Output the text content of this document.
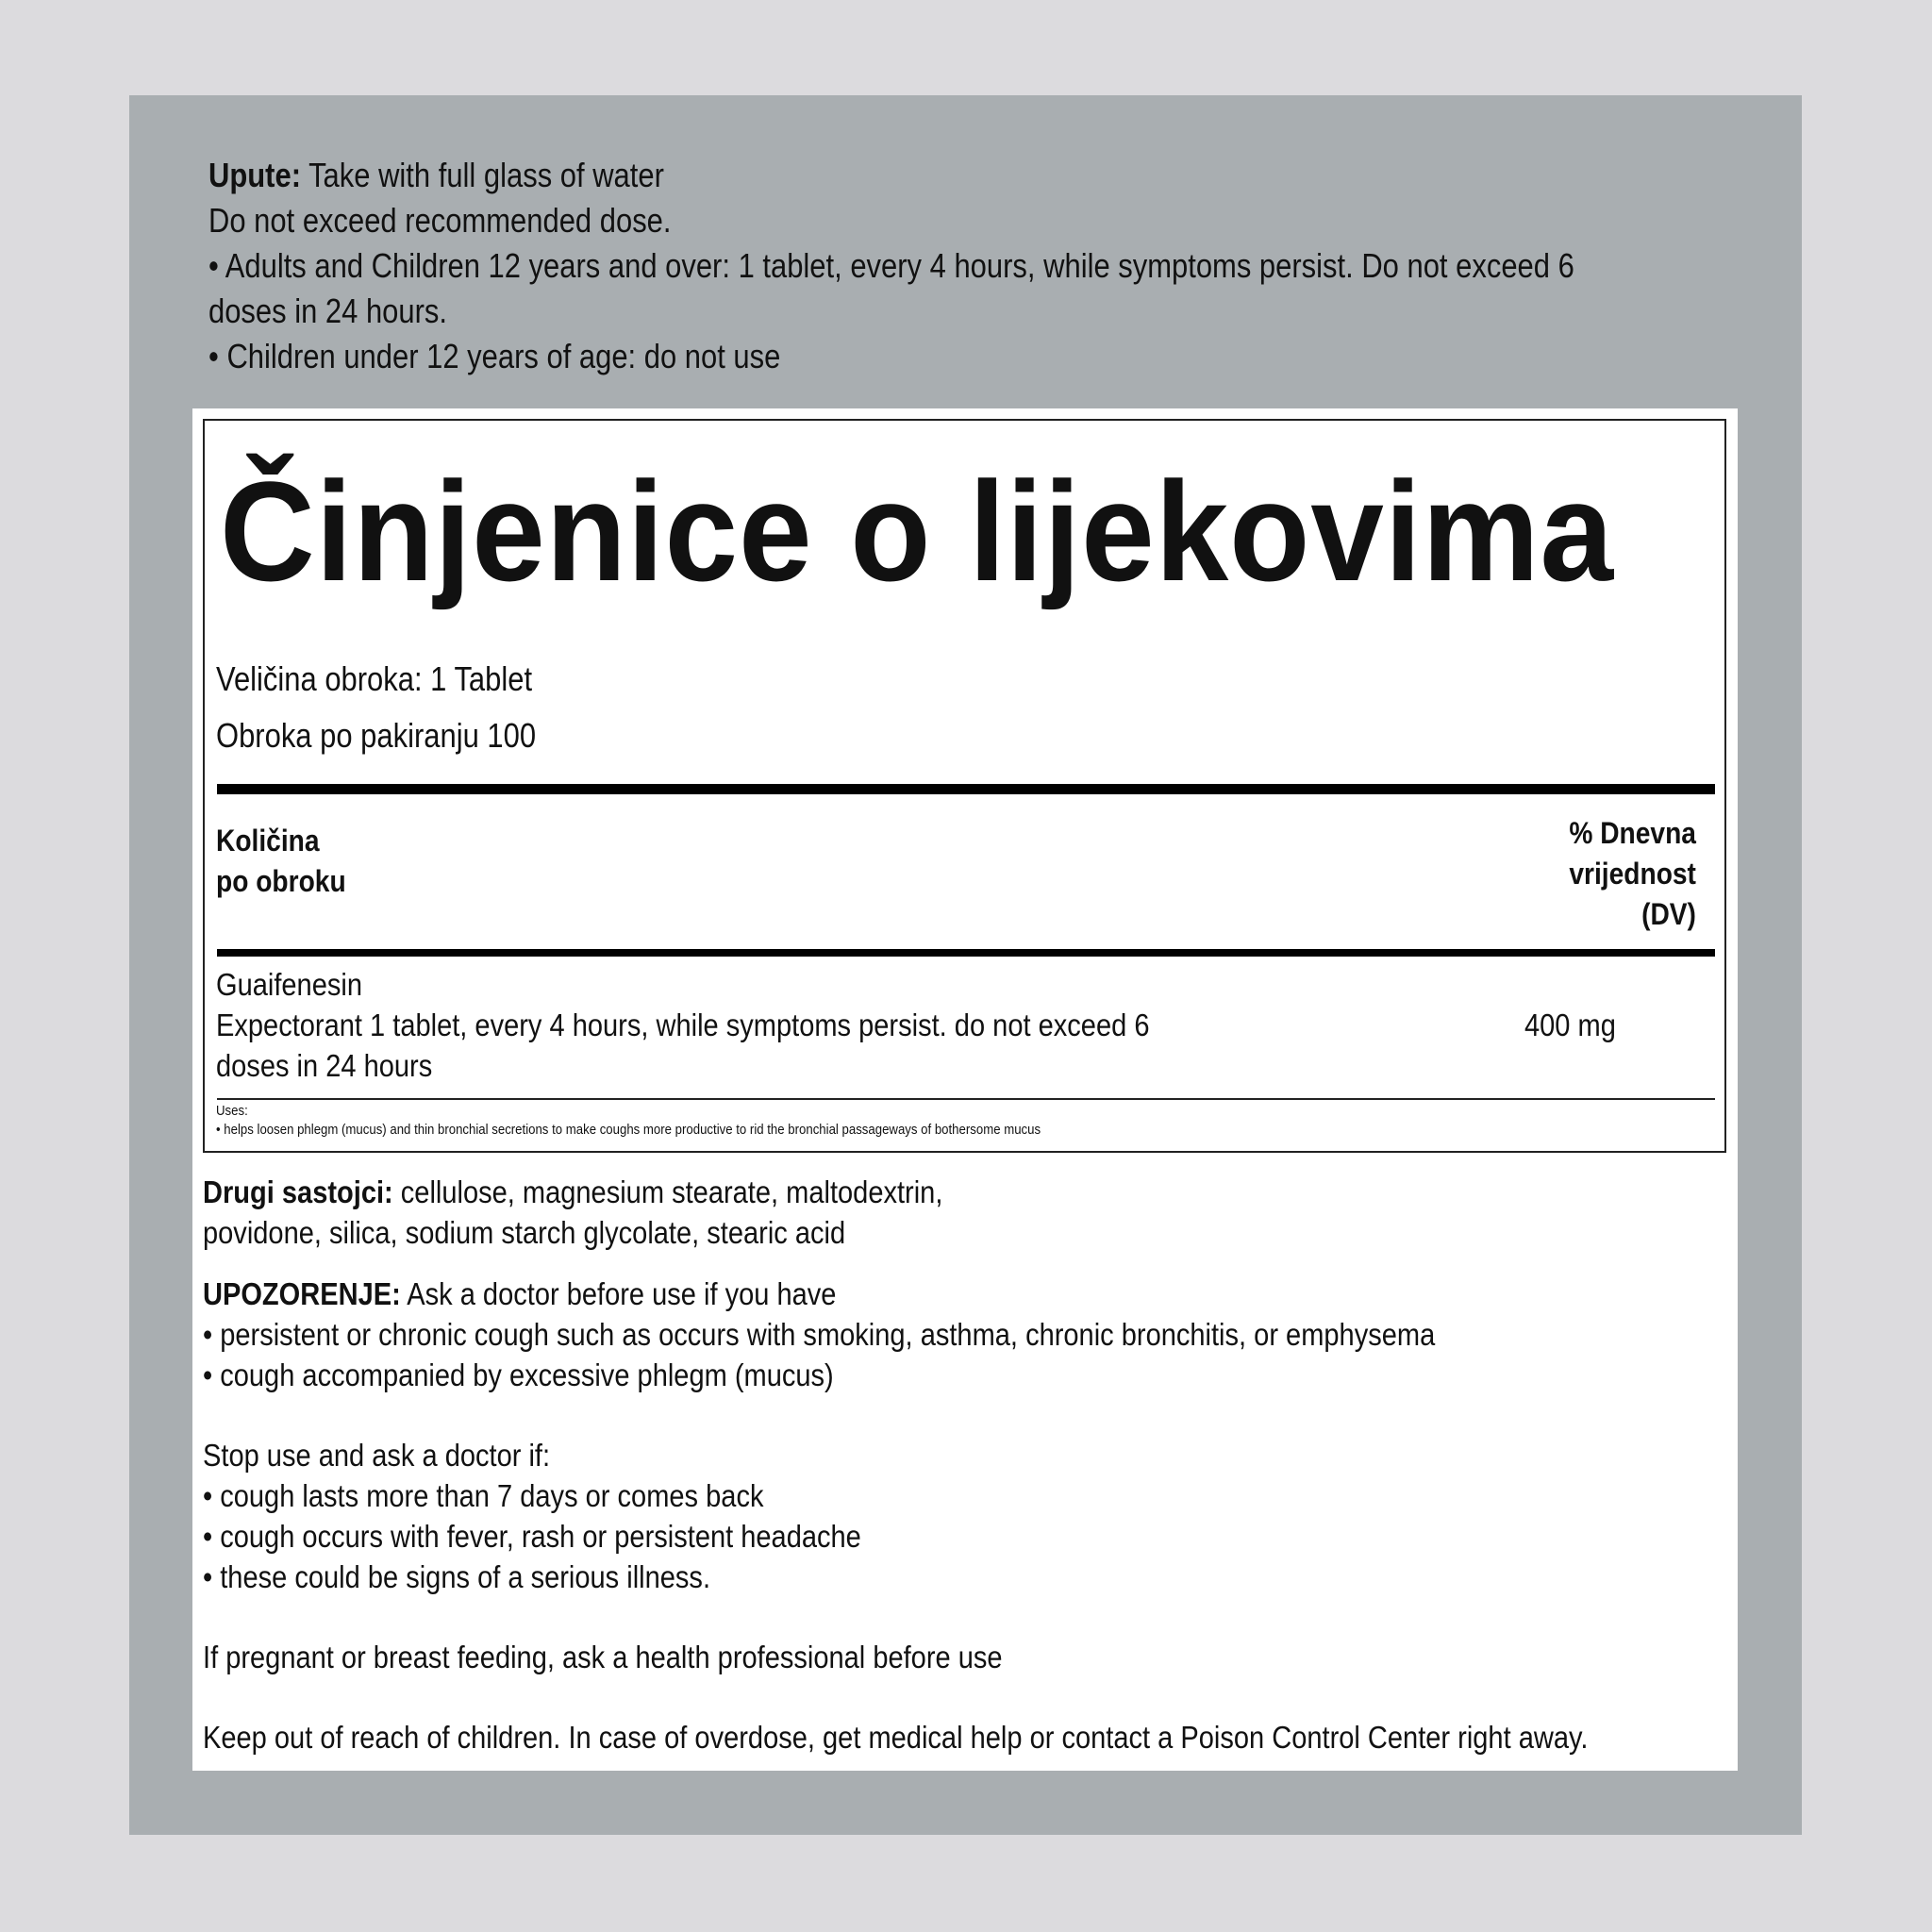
Upute: Take with full glass of water

Do not exceed recommended dose.

• Adults and Children 12 years and over: 1 tablet, every 4 hours, while symptoms persist. Do not exceed 6

doses in 24 hours.

• Children under 12 years of age: do not use

Činjenice o lijekovima
Veličina obroka: 1 Tablet
Obroka po pakiranju 100
Količina
po obroku
% Dnevna
vrijednost
(DV)

Guaifenesin

Expectorant 1 tablet, every 4 hours, while symptoms persist. do not exceed 6

doses in 24 hours

400 mg

Uses:

• helps loosen phlegm (mucus) and thin bronchial secretions to make coughs more productive to rid the bronchial passageways of bothersome mucus

Drugi sastojci: cellulose, magnesium stearate, maltodextrin,

povidone, silica, sodium starch glycolate, stearic acid

UPOZORENJE: Ask a doctor before use if you have

• persistent or chronic cough such as occurs with smoking, asthma, chronic bronchitis, or emphysema

• cough accompanied by excessive phlegm (mucus)

Stop use and ask a doctor if:

• cough lasts more than 7 days or comes back

• cough occurs with fever, rash or persistent headache

• these could be signs of a serious illness.

If pregnant or breast feeding, ask a health professional before use

Keep out of reach of children. In case of overdose, get medical help or contact a Poison Control Center right away.
